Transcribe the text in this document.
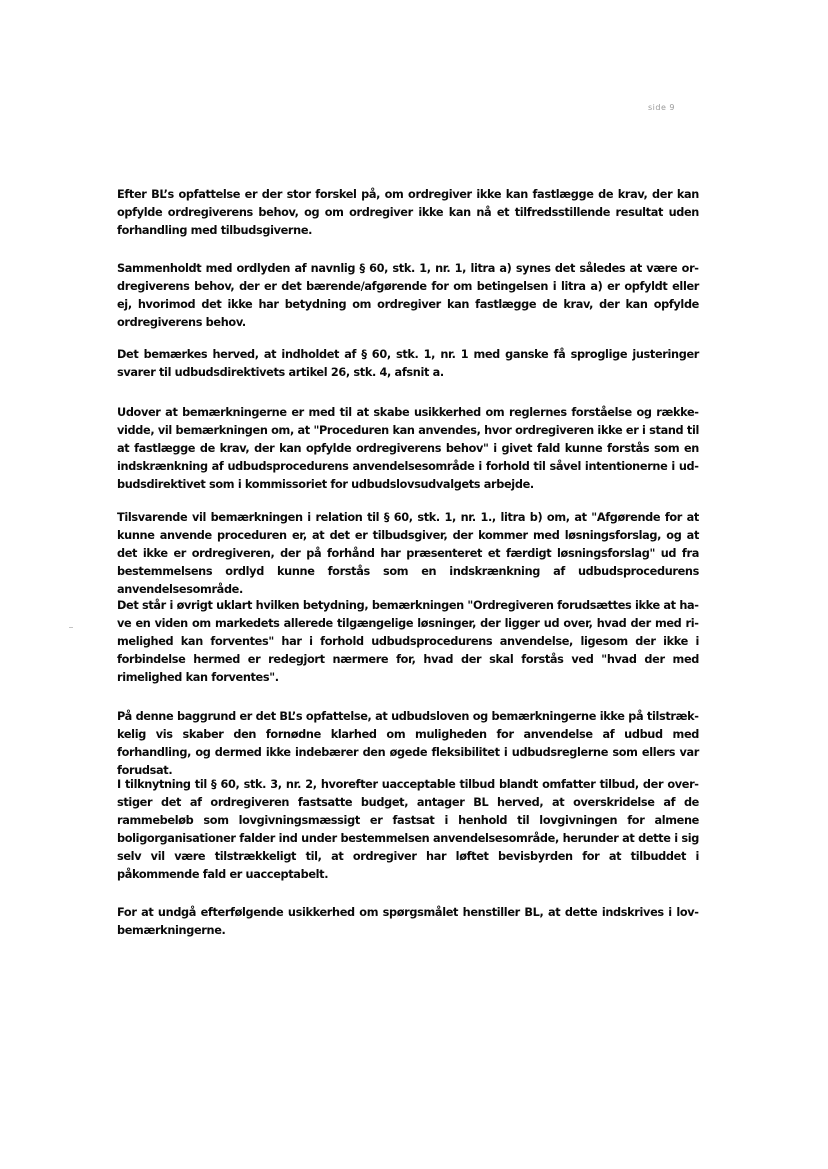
side 9

Efter BL’s opfattelse er der stor forskel på, om ordregiver ikke kan fastlægge de krav, der kan opfylde ordregiverens behov, og om ordregiver ikke kan nå et tilfredsstillende resultat uden forhandling med tilbudsgiverne.

Sammenholdt med ordlyden af navnlig § 60, stk. 1, nr. 1, litra a) synes det således at være ordregiverens behov, der er det bærende/afgørende for om betingelsen i litra a) er opfyldt eller ej, hvorimod det ikke har betydning om ordregiver kan fastlægge de krav, der kan opfylde ordregiverens behov.

Det bemærkes herved, at indholdet af § 60, stk. 1, nr. 1 med ganske få sproglige justeringer svarer til udbudsdirektivets artikel 26, stk. 4, afsnit a.

Udover at bemærkningerne er med til at skabe usikkerhed om reglernes forståelse og rækkevidde, vil bemærkningen om, at "Proceduren kan anvendes, hvor ordregiveren ikke er i stand til at fastlægge de krav, der kan opfylde ordregiverens behov" i givet fald kunne forstås som en indskrænkning af udbudsprocedurens anvendelsesområde i forhold til såvel intentionerne i udbudsdirektivet som i kommissoriet for udbudslovsudvalgets arbejde.

Tilsvarende vil bemærkningen i relation til § 60, stk. 1, nr. 1., litra b) om, at "Afgørende for at kunne anvende proceduren er, at det er tilbudsgiver, der kommer med løsningsforslag, og at det ikke er ordregiveren, der på forhånd har præsenteret et færdigt løsningsforslag" ud fra bestemmelsens ordlyd kunne forstås som en indskrænkning af udbudsprocedurens anvendelsesområde.

Det står i øvrigt uklart hvilken betydning, bemærkningen "Ordregiveren forudsættes ikke at have en viden om markedets allerede tilgængelige løsninger, der ligger ud over, hvad der med rimelighed kan forventes" har i forhold udbudsprocedurens anvendelse, ligesom der ikke i forbindelse hermed er redegjort nærmere for, hvad der skal forstås ved "hvad der med rimelighed kan forventes".

På denne baggrund er det BL’s opfattelse, at udbudsloven og bemærkningerne ikke på tilstrækkelig vis skaber den fornødne klarhed om muligheden for anvendelse af udbud med forhandling, og dermed ikke indebærer den øgede fleksibilitet i udbudsreglerne som ellers var forudsat.

I tilknytning til § 60, stk. 3, nr. 2, hvorefter uacceptable tilbud blandt omfatter tilbud, der overstiger det af ordregiveren fastsatte budget, antager BL herved, at overskridelse af de rammebeløb som lovgivningsmæssigt er fastsat i henhold til lovgivningen for almene boligorganisationer falder ind under bestemmelsen anvendelsesområde, herunder at dette i sig selv vil være tilstrækkeligt til, at ordregiver har løftet bevisbyrden for at tilbuddet i påkommende fald er uacceptabelt.

For at undgå efterfølgende usikkerhed om spørgsmålet henstiller BL, at dette indskrives i lovbemærkningerne.
